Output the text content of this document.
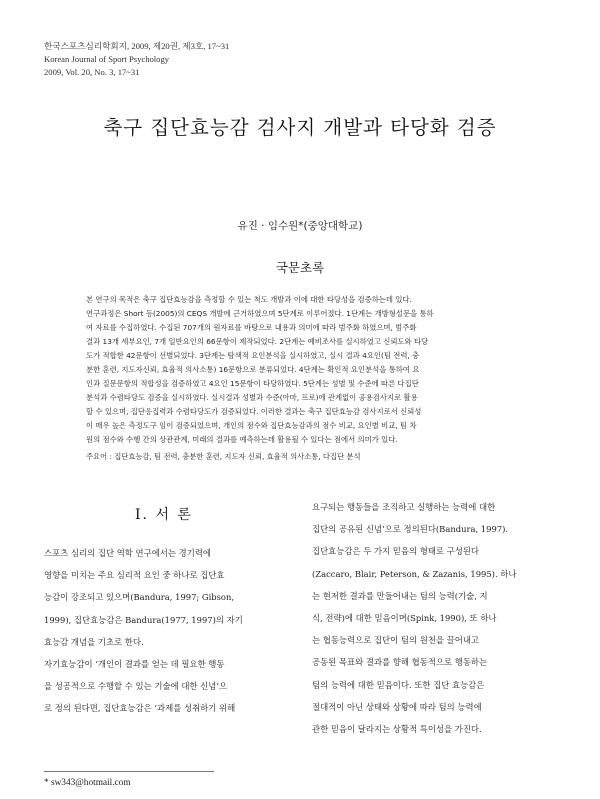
한국스포츠심리학회지, 2009, 제20권, 제3호, 17~31
Korean Journal of Sport Psychology
2009, Vol. 20, No. 3, 17~31
축구 집단효능감 검사지 개발과 타당화 검증
유진 · 임수원*(중앙대학교)
국문초록
본 연구의 목적은 축구 집단효능감을 측정할 수 있는 척도 개발과 이에 대한 타당성을 검증하는데 있다.
연구과정은 Short 등(2005)의 CEQS 개발에 근거하였으며 5단계로 이루어졌다. 1단계는 개방형설문을 통하
여 자료를 수집하였다. 수집된 707개의 원자료를 바탕으로 내용과 의미에 따라 범주화 하였으며, 범주화
결과 13개 세부요인, 7개 일반요인의 66문항이 제작되었다. 2단계는 예비조사를 실시하였고 신뢰도와 타당
도가 적합한 42문항이 선별되었다. 3단계는 탐색적 요인분석을 실시하였고, 실시 결과 4요인(팀 전력, 충
분한 훈련, 지도자신뢰, 효율적 의사소통) 16문항으로 분류되었다. 4단계는 확인적 요인분석을 통하여 요
인과 질문문항의 적합성을 검증하였고 4요인 15문항이 타당하였다. 5단계는 성별 및 수준에 따른 다집단
분석과 수렴타당도 검증을 실시하였다. 실시결과 성별과 수준(아마, 프로)에 관계없이 공용검사지로 활용
할 수 있으며, 집단응집력과 수렴타당도가 검증되었다. 이러한 결과는 축구 집단효능감 검사지로서 신뢰성
이 매우 높은 측정도구 임이 검증되었으며, 개인의 점수와 집단효능감과의 점수 비교, 요인별 비교, 팀 차
원의 점수와 수행 간의 상관관계, 미래의 결과를 예측하는데 활용될 수 있다는 점에서 의미가 있다.
주요어 : 집단효능감, 팀 전력, 충분한 훈련, 지도자 신뢰, 효율적 의사소통, 다집단 분석
I. 서 론
스포츠 심리의 집단 역학 연구에서는 경기력에
영향을 미치는 주요 심리적 요인 중 하나로 집단효
능감이 강조되고 있으며(Bandura, 1997; Gibson,
1999), 집단효능감은 Bandura(1977, 1997)의 자기
효능감 개념을 기초로 한다.
자기효능감이 ‘개인이 결과를 얻는 데 필요한 행동
을 성공적으로 수행할 수 있는 기술에 대한 신념’으
로 정의 된다면, 집단효능감은 ‘과제를 성취하기 위해
요구되는 행동들을 조직하고 실행하는 능력에 대한
집단의 공유된 신념’으로 정의된다(Bandura, 1997).
집단효능감은 두 가지 믿음의 형태로 구성된다
(Zaccaro, Blair, Peterson, & Zazanis, 1995). 하나
는 현저한 결과를 만들어내는 팀의 능력(기술, 지
식, 전략)에 대한 믿음이며(Spink, 1990), 또 하나
는 협동능력으로 집단이 팀의 원천을 끌어내고
공동된 목표와 결과를 향해 협동적으로 행동하는
팀의 능력에 대한 믿음이다. 또한 집단 효능감은
절대적이 아닌 상태와 상황에 따라 팀의 능력에
관한 믿음이 달라지는 상황적 특이성을 가진다.
* sw343@hotmail.com
